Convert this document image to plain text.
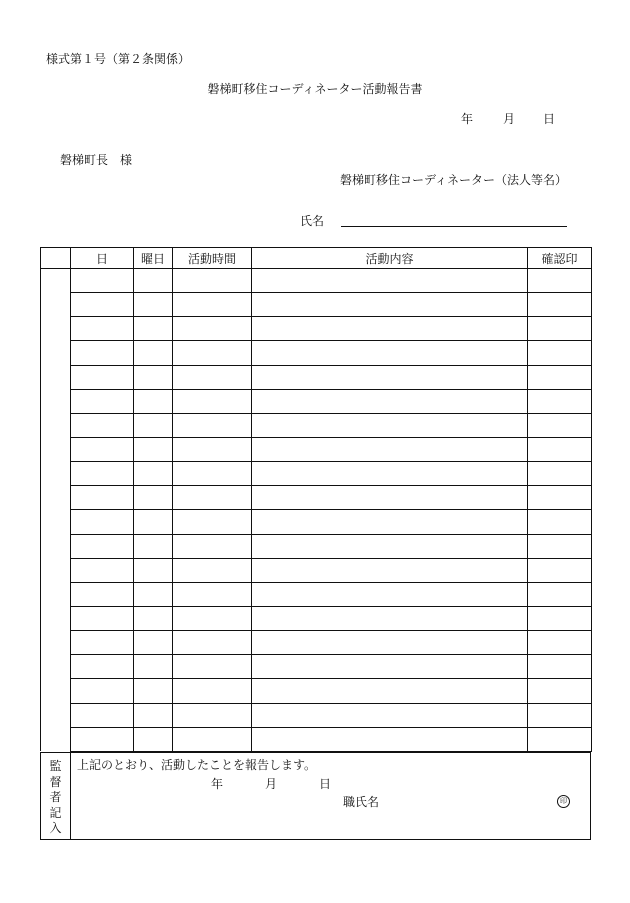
様式第１号（第２条関係）
磐梯町移住コーディネーター活動報告書
年 月 日
磐梯町長　様
磐梯町移住コーディネーター（法人等名）
氏名
	日	曜日	活動時間	活動内容	確認印

監督者記入	
上記のとおり、活動したことを報告します。
年	月	日
職氏名	印
